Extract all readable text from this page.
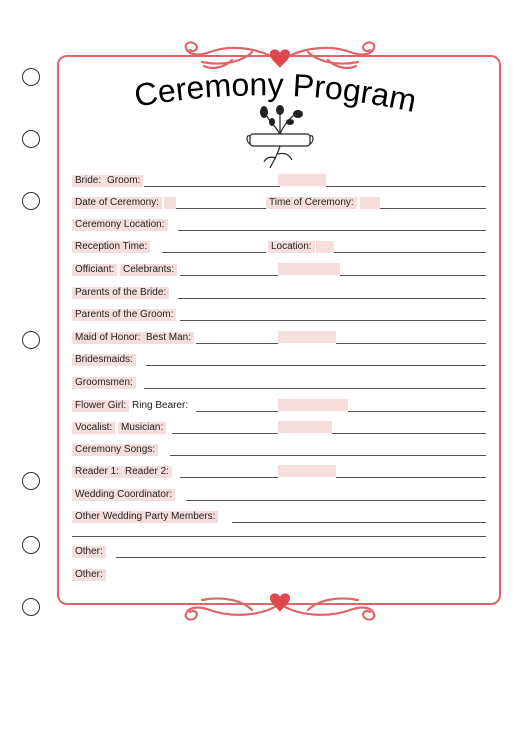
Ceremony Program
Bride: Groom:
Date of Ceremony:	Time of Ceremony:
Ceremony Location:
Reception Time:	Location:
Officiant: Celebrants:
Parents of the Bride:
Parents of the Groom:
Maid of Honor: Best Man:
Bridesmaids:
Groomsmen:
Flower Girl: Ring Bearer:
Vocalist: Musician:
Ceremony Songs:
Reader 1: Reader 2:
Wedding Coordinator:
Other Wedding Party Members:
Other:
Other:
